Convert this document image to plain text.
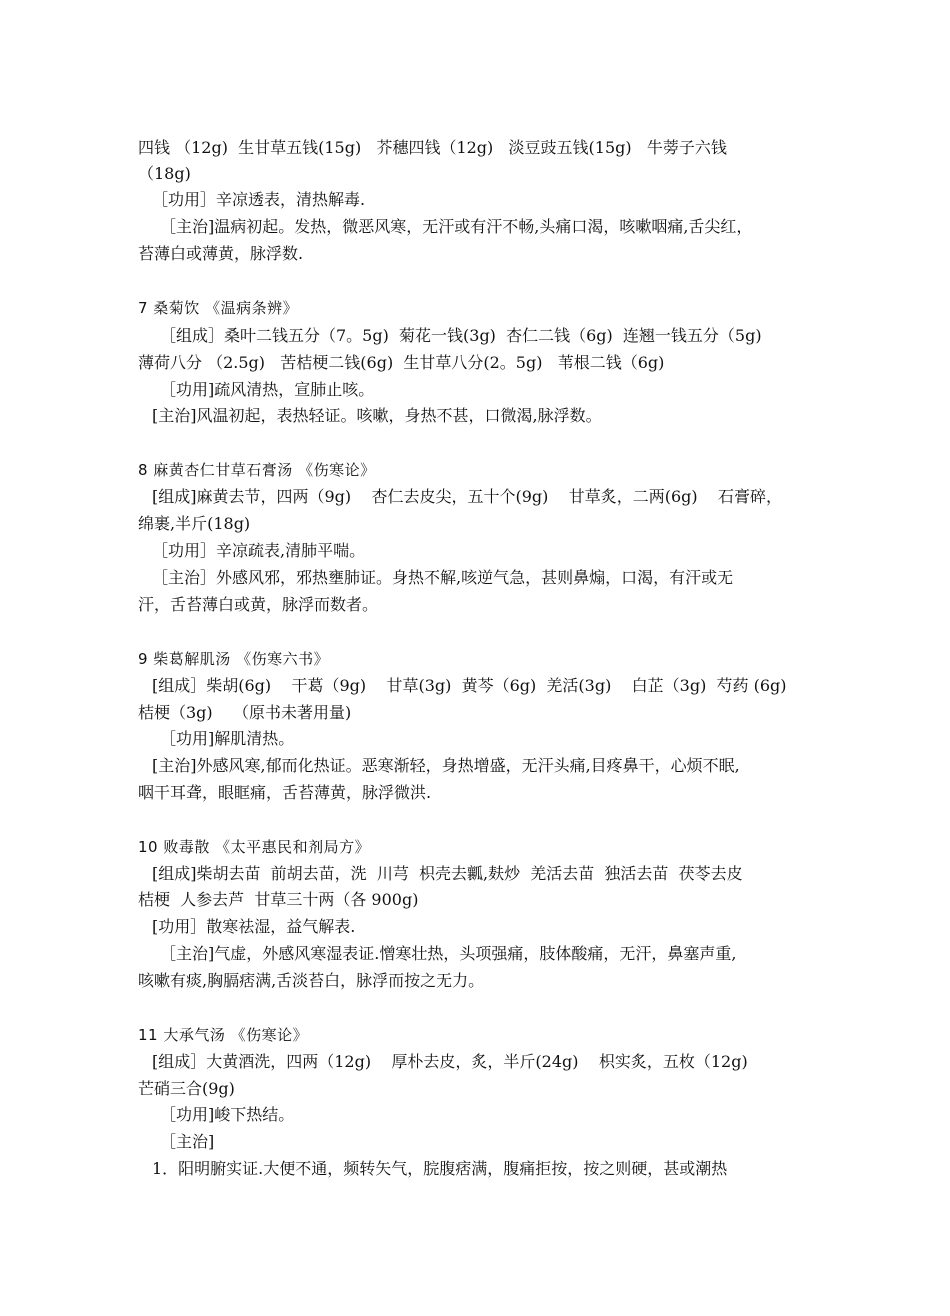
四钱 （12g)  生甘草五钱(15g)   芥穗四钱（12g)   淡豆豉五钱(15g)   牛蒡子六钱
（18g)
［功用］辛凉透表，清热解毒.
［主治]温病初起。发热，微恶风寒，无汗或有汗不畅,头痛口渴，咳嗽咽痛,舌尖红，
苔薄白或薄黄，脉浮数.
7 桑菊饮 《温病条辨》
［组成］桑叶二钱五分（7。5g)  菊花一钱(3g)  杏仁二钱（6g)  连翘一钱五分（5g)
薄荷八分 （2.5g)   苦桔梗二钱(6g)  生甘草八分(2。5g)   苇根二钱（6g)
［功用]疏风清热，宣肺止咳。
[主治]风温初起，表热轻证。咳嗽，身热不甚，口微渴,脉浮数。
8 麻黄杏仁甘草石膏汤 《伤寒论》
[组成]麻黄去节，四两（9g)    杏仁去皮尖，五十个(9g)    甘草炙，二两(6g)    石膏碎，
绵裹,半斤(18g)
［功用］辛凉疏表,清肺平喘。
［主治］外感风邪，邪热壅肺证。身热不解,咳逆气急，甚则鼻煽，口渴，有汗或无
汗，舌苔薄白或黄，脉浮而数者。
9 柴葛解肌汤 《伤寒六书》
[组成］柴胡(6g)    干葛（9g)    甘草(3g)  黄芩（6g)  羌活(3g)    白芷（3g)  芍药 (6g)
桔梗（3g)    （原书未著用量)
［功用]解肌清热。
[主治]外感风寒,郁而化热证。恶寒渐轻，身热增盛，无汗头痛,目疼鼻干，心烦不眠,
咽干耳聋，眼眶痛，舌苔薄黄，脉浮微洪.
10 败毒散 《太平惠民和剂局方》
[组成]柴胡去苗  前胡去苗，洗  川芎  枳壳去瓤,麸炒  羌活去苗  独活去苗  茯苓去皮
桔梗  人参去芦  甘草三十两（各 900g)
[功用］散寒祛湿，益气解表.
［主治]气虚，外感风寒湿表证.憎寒壮热，头项强痛，肢体酸痛，无汗，鼻塞声重,
咳嗽有痰,胸膈痞满,舌淡苔白，脉浮而按之无力。
11 大承气汤 《伤寒论》
[组成］大黄酒洗，四两（12g)    厚朴去皮，炙，半斤(24g)    枳实炙，五枚（12g)
芒硝三合(9g)
［功用]峻下热结。
［主治]
1．阳明腑实证.大便不通，频转矢气，脘腹痞满，腹痛拒按，按之则硬，甚或潮热
